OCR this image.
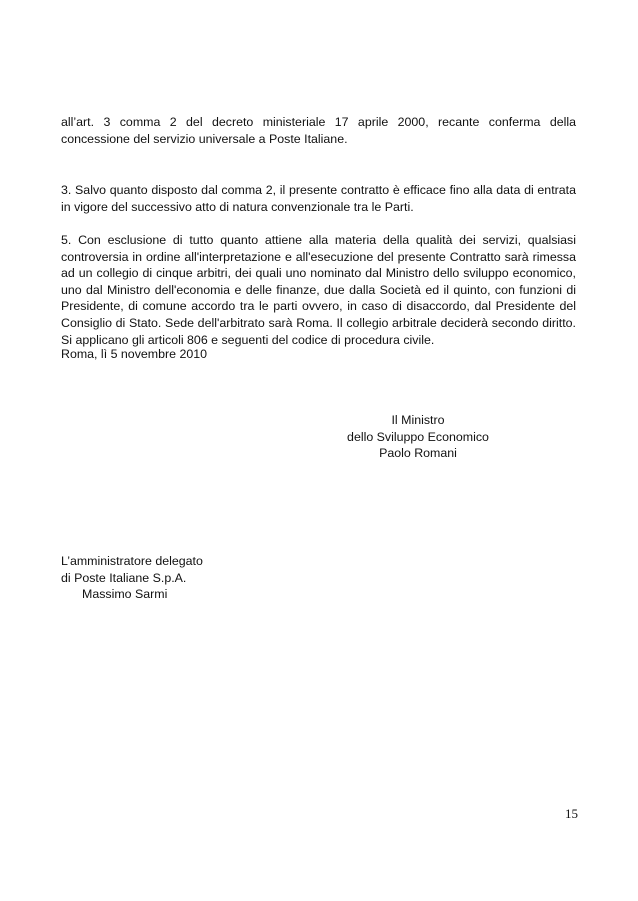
all’art. 3 comma 2 del decreto ministeriale 17 aprile 2000, recante conferma della concessione del servizio universale a Poste Italiane.

3. Salvo quanto disposto dal comma 2, il presente contratto è efficace fino alla data di entrata in vigore del successivo atto di natura convenzionale tra le Parti.

5. Con esclusione di tutto quanto attiene alla materia della qualità dei servizi, qualsiasi controversia in ordine all'interpretazione e all'esecuzione del presente Contratto sarà rimessa ad un collegio di cinque arbitri, dei quali uno nominato dal Ministro dello sviluppo economico, uno dal Ministro dell'economia e delle finanze, due dalla Società ed il quinto, con funzioni di Presidente, di comune accordo tra le parti ovvero, in caso di disaccordo, dal Presidente del Consiglio di Stato. Sede dell'arbitrato sarà Roma. Il collegio arbitrale deciderà secondo diritto. Si applicano gli articoli 806 e seguenti del codice di procedura civile.

Roma, lì 5 novembre 2010

Il Ministro
dello Sviluppo Economico
Paolo Romani
L’amministratore delegato
di Poste Italiane S.p.A.
Massimo Sarmi

15
